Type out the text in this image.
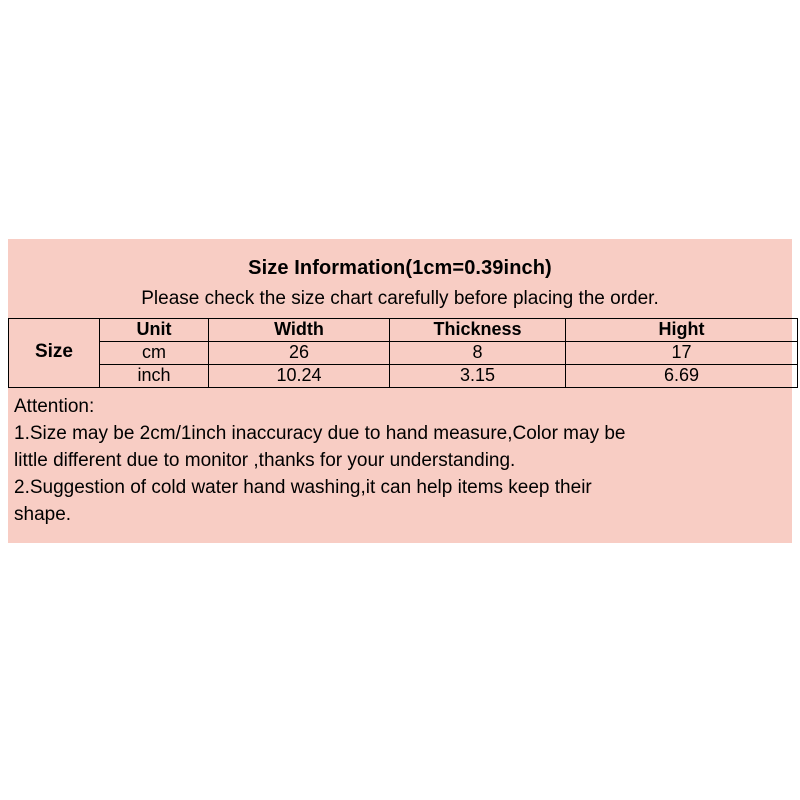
Size Information(1cm=0.39inch)
Please check the size chart carefully before placing the order.
Size	Unit	Width	Thickness	Hight
	cm	26	8	17
	inch	10.24	3.15	6.69
Attention:
1.Size may be 2cm/1inch inaccuracy due to hand measure,Color may be
little different due to monitor ,thanks for your understanding.
2.Suggestion of cold water hand washing,it can help items keep their
shape.
